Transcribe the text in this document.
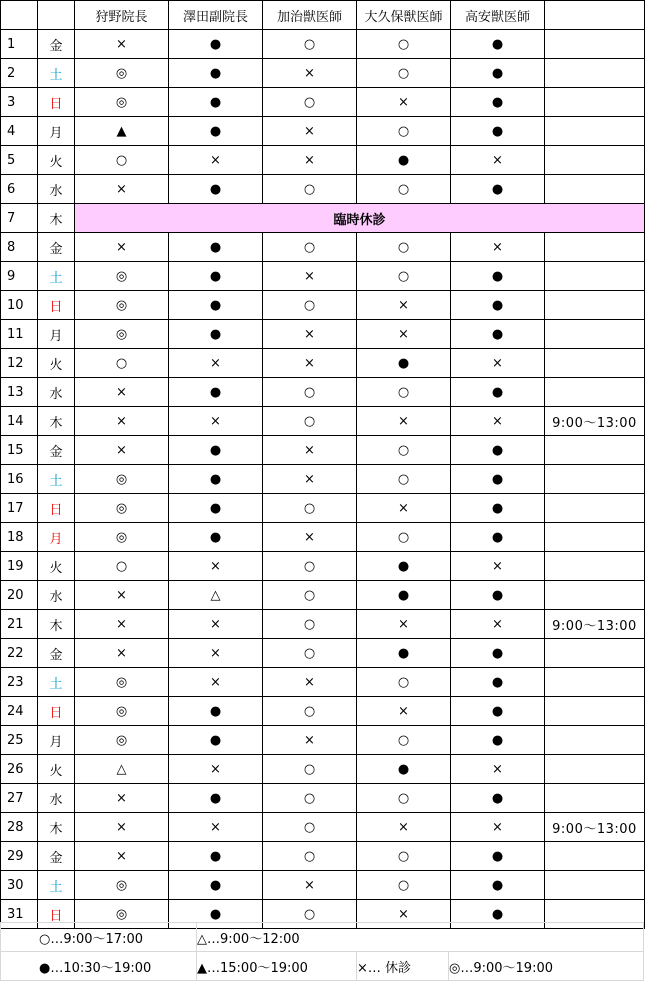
		狩野院長	澤田副院長	加治獣医師	大久保獣医師	高安獣医師	
1	金	×	●	○	○	●	
2	土	◎	●	×	○	●	
3	日	◎	●	○	×	●	
4	月	▲	●	×	○	●	
5	火	○	×	×	●	×	
6	水	×	●	○	○	●	
7	木	臨時休診					
8	金	×	●	○	○	×	
9	土	◎	●	×	○	●	
10	日	◎	●	○	×	●	
11	月	◎	●	×	×	●	
12	火	○	×	×	●	×	
13	水	×	●	○	○	●	
14	木	×	×	○	×	×	9:00～13:00
15	金	×	●	×	○	●	
16	土	◎	●	×	○	●	
17	日	◎	●	○	×	●	
18	月	◎	●	×	○	●	
19	火	○	×	○	●	×	
20	水	×	△	○	●	●	
21	木	×	×	○	×	×	9:00～13:00
22	金	×	×	○	●	●	
23	土	◎	×	×	○	●	
24	日	◎	●	○	×	●	
25	月	◎	●	×	○	●	
26	火	△	×	○	●	×	
27	水	×	●	○	○	●	
28	木	×	×	○	×	×	9:00～13:00
29	金	×	●	○	○	●	
30	土	◎	●	×	○	●	
31	日	◎	●	○	×	●	
○…9:00～17:00	△…9:00～12:00		
●…10:30～19:00	▲…15:00～19:00	×… 休診	◎…9:00～19:00
